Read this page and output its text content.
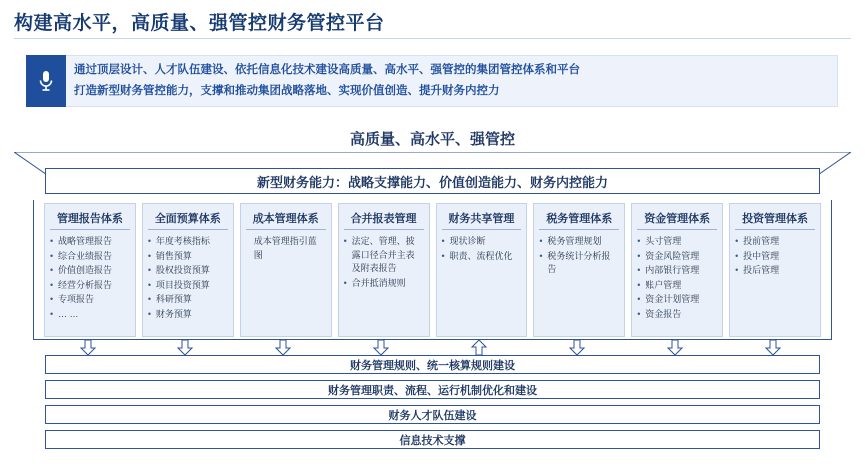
构建高水平，高质量、强管控财务管控平台
通过顶层设计、人才队伍建设、依托信息化技术建设高质量、高水平、强管控的集团管控体系和平台
打造新型财务管控能力，支撑和推动集团战略落地、实现价值创造、提升财务内控力
高质量、高水平、强管控
新型财务能力：战略支撑能力、价值创造能力、财务内控能力
管理报告体系
• 战略管理报告
• 综合业绩报告
• 价值创造报告
• 经营分析报告
• 专项报告
• … …
全面预算体系
• 年度考核指标
• 销售预算
• 股权投资预算
• 项目投资预算
• 科研预算
• 财务预算
成本管理体系
成本管理指引蓝图
合并报表管理
• 法定、管理、披露口径合并主表及附表报告
• 合并抵消规则
财务共享管理
• 现状诊断
• 职责、流程优化
税务管理体系
• 税务管理规划
• 税务统计分析报告
资金管理体系
• 头寸管理
• 资金风险管理
• 内部银行管理
• 账户管理
• 资金计划管理
• 资金报告
投资管理体系
• 投前管理
• 投中管理
• 投后管理
财务管理规则、统一核算规则建设
财务管理职责、流程、运行机制优化和建设
财务人才队伍建设
信息技术支撑
